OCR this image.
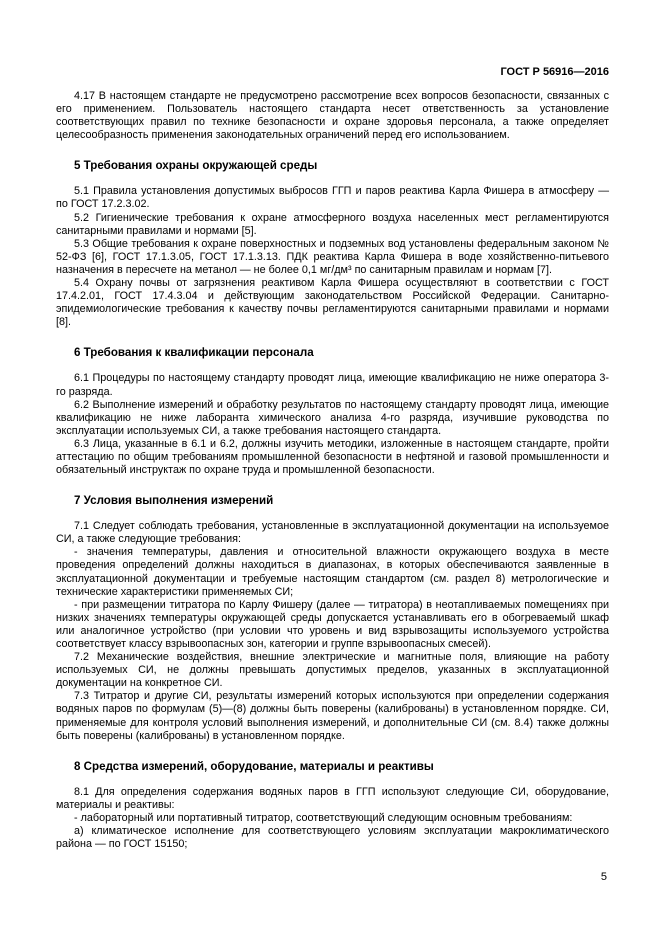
ГОСТ Р 56916—2016

4.17 В настоящем стандарте не предусмотрено рассмотрение всех вопросов безопасности, связанных с его применением. Пользователь настоящего стандарта несет ответственность за установление соответствующих правил по технике безопасности и охране здоровья персонала, а также определяет целесообразность применения законодательных ограничений перед его использованием.

5 Требования охраны окружающей среды

5.1 Правила установления допустимых выбросов ГГП и паров реактива Карла Фишера в атмосферу — по ГОСТ 17.2.3.02.

5.2 Гигиенические требования к охране атмосферного воздуха населенных мест регламентируются санитарными правилами и нормами [5].

5.3 Общие требования к охране поверхностных и подземных вод установлены федеральным законом № 52-ФЗ [6], ГОСТ 17.1.3.05, ГОСТ 17.1.3.13. ПДК реактива Карла Фишера в воде хозяйственно-питьевого назначения в пересчете на метанол — не более 0,1 мг/дм³ по санитарным правилам и нормам [7].

5.4 Охрану почвы от загрязнения реактивом Карла Фишера осуществляют в соответствии с ГОСТ 17.4.2.01, ГОСТ 17.4.3.04 и действующим законодательством Российской Федерации. Санитарно-эпидемиологические требования к качеству почвы регламентируются санитарными правилами и нормами [8].

6 Требования к квалификации персонала

6.1 Процедуры по настоящему стандарту проводят лица, имеющие квалификацию не ниже оператора 3-го разряда.

6.2 Выполнение измерений и обработку результатов по настоящему стандарту проводят лица, имеющие квалификацию не ниже лаборанта химического анализа 4-го разряда, изучившие руководства по эксплуатации используемых СИ, а также требования настоящего стандарта.

6.3 Лица, указанные в 6.1 и 6.2, должны изучить методики, изложенные в настоящем стандарте, пройти аттестацию по общим требованиям промышленной безопасности в нефтяной и газовой промышленности и обязательный инструктаж по охране труда и промышленной безопасности.

7 Условия выполнения измерений

7.1 Следует соблюдать требования, установленные в эксплуатационной документации на используемое СИ, а также следующие требования:

- значения температуры, давления и относительной влажности окружающего воздуха в месте проведения определений должны находиться в диапазонах, в которых обеспечиваются заявленные в эксплуатационной документации и требуемые настоящим стандартом (см. раздел 8) метрологические и технические характеристики применяемых СИ;

- при размещении титратора по Карлу Фишеру (далее — титратора) в неотапливаемых помещениях при низких значениях температуры окружающей среды допускается устанавливать его в обогреваемый шкаф или аналогичное устройство (при условии что уровень и вид взрывозащиты используемого устройства соответствует классу взрывоопасных зон, категории и группе взрывоопасных смесей).

7.2 Механические воздействия, внешние электрические и магнитные поля, влияющие на работу используемых СИ, не должны превышать допустимых пределов, указанных в эксплуатационной документации на конкретное СИ.

7.3 Титратор и другие СИ, результаты измерений которых используются при определении содержания водяных паров по формулам (5)—(8) должны быть поверены (калиброваны) в установленном порядке. СИ, применяемые для контроля условий выполнения измерений, и дополнительные СИ (см. 8.4) также должны быть поверены (калиброваны) в установленном порядке.

8 Средства измерений, оборудование, материалы и реактивы

8.1 Для определения содержания водяных паров в ГГП используют следующие СИ, оборудование, материалы и реактивы:

- лабораторный или портативный титратор, соответствующий следующим основным требованиям:

а) климатическое исполнение для соответствующего условиям эксплуатации макроклиматического района — по ГОСТ 15150;

5
